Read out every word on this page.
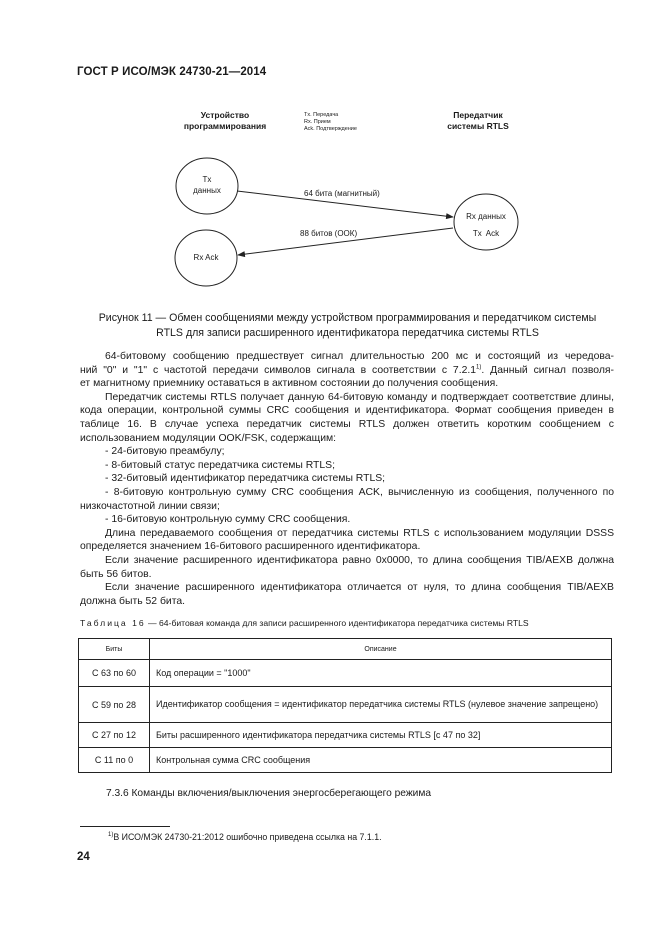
ГОСТ Р ИСО/МЭК 24730-21—2014
Устройство
программирования
Передатчик
системы RTLS
Tx. Передача
Rx. Прием
Ack. Подтверждение
Tx
данных
Rx Ack
Rx данных
Tx  Ack
64 бита (магнитный)
88 битов (ООК)
Рисунок 11 — Обмен сообщениями между устройством программирования и передатчиком системы
RTLS для записи расширенного идентификатора передатчика системы RTLS

64-битовому сообщению предшествует сигнал длительностью 200 мс и состоящий из чередова-

ний "0" и "1" с частотой передачи символов сигнала в соответствии с 7.2.1$^{1)}$. Данный сигнал позволя-

ет магнитному приемнику оставаться в активном состоянии до получения сообщения.

Передатчик системы RTLS получает данную 64-битовую команду и подтверждает соответствие длины, кода операции, контрольной суммы CRC сообщения и идентификатора. Формат сообщения приведен в таблице 16. В случае успеха передатчик системы RTLS должен ответить коротким сообщением с использованием модуляции OOK/FSK, содержащим:

- 24-битовую преамбулу;

- 8-битовый статус передатчика системы RTLS;

- 32-битовый идентификатор передатчика системы RTLS;

- 8-битовую контрольную сумму CRC сообщения ACK, вычисленную из сообщения, полученного по низкочастотной линии связи;

- 16-битовую контрольную сумму CRC сообщения.

Длина передаваемого сообщения от передатчика системы RTLS с использованием модуляции DSSS определяется значением 16-битового расширенного идентификатора.

Если значение расширенного идентификатора равно 0x0000, то длина сообщения TIB/AEXB должна быть 56 битов.

Если значение расширенного идентификатора отличается от нуля, то длина сообщения TIB/AEXB должна быть 52 бита.

Таблица 16 — 64-битовая команда для записи расширенного идентификатора передатчика системы RTLS
Биты	Описание
С 63 по 60	Код операции = "1000"
С 59 по 28	Идентификатор сообщения = идентификатор передатчика системы RTLS (нулевое значение запрещено)
С 27 по 12	Биты расширенного идентификатора передатчика системы RTLS [с 47 по 32]
С 11 по 0	Контрольная сумма CRC сообщения
7.3.6 Команды включения/выключения энергосберегающего режима
$^{1)}$В ИСО/МЭК 24730-21:2012 ошибочно приведена ссылка на 7.1.1.
24
